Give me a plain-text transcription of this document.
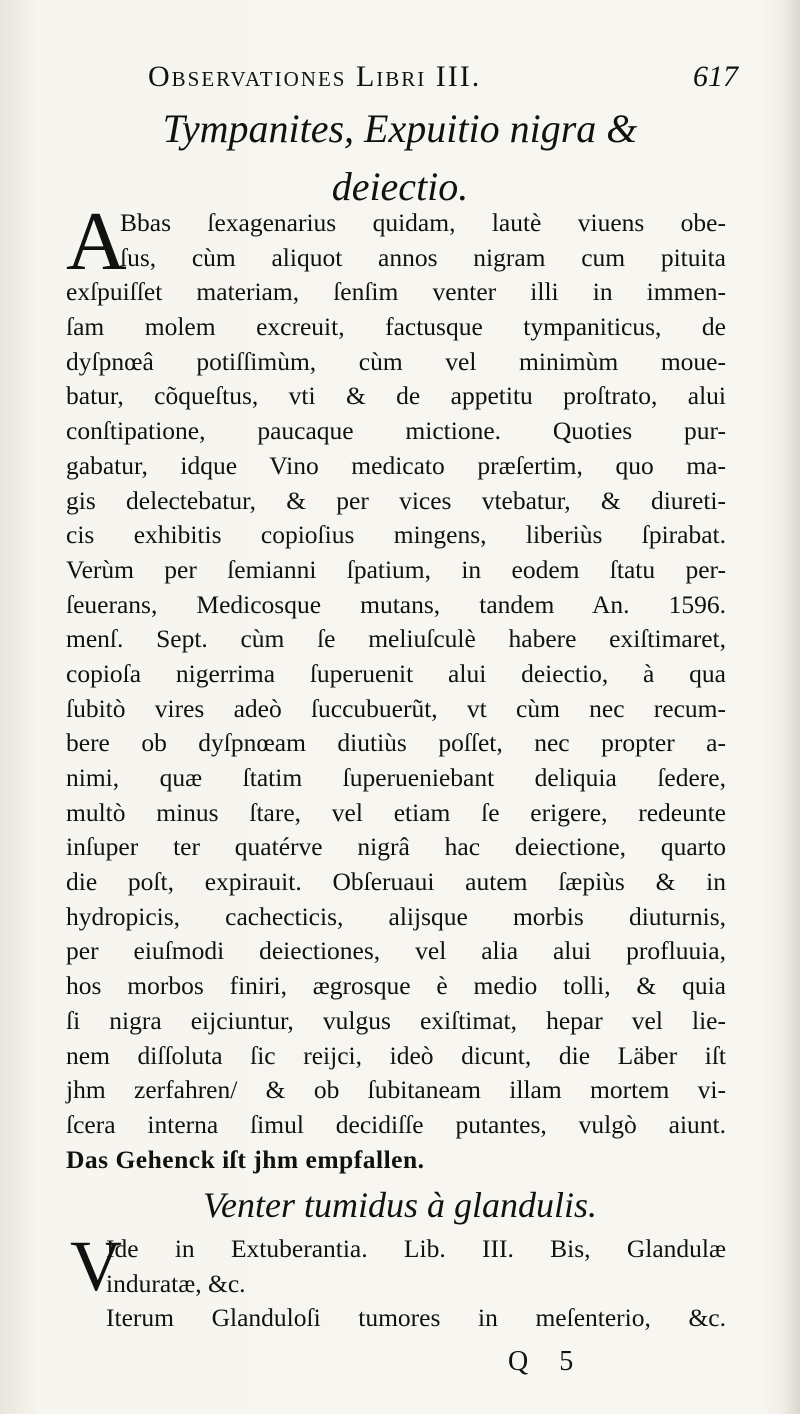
Observationes Libri III.	617
Tympanites, Expuitio nigra &
deiectio.
A
Bbas ſexagenarius quidam, lautè viuens obe-
ſus, cùm aliquot annos nigram cum pituita
exſpuiſſet materiam, ſenſim venter illi in immen-
ſam molem excreuit, factusque tympaniticus, de
dyſpnœâ potiſſimùm, cùm vel minimùm moue-
batur, cõqueſtus, vti & de appetitu proſtrato, alui
conſtipatione, paucaque mictione. Quoties pur-
gabatur, idque Vino medicato præſertim, quo ma-
gis delectebatur, & per vices vtebatur, & diureti-
cis exhibitis copioſius mingens, liberiùs ſpirabat.
Verùm per ſemianni ſpatium, in eodem ſtatu per-
ſeuerans, Medicosque mutans, tandem An. 1596.
menſ. Sept. cùm ſe meliuſculè habere exiſtimaret,
copioſa nigerrima ſuperuenit alui deiectio, à qua
ſubitò vires adeò ſuccubuerũt, vt cùm nec recum-
bere ob dyſpnœam diutiùs poſſet, nec propter a-
nimi, quæ ſtatim ſuperueniebant deliquia ſedere,
multò minus ſtare, vel etiam ſe erigere, redeunte
inſuper ter quatérve nigrâ hac deiectione, quarto
die poſt, expirauit. Obſeruaui autem ſæpiùs & in
hydropicis, cachecticis, alijsque morbis diuturnis,
per eiuſmodi deiectiones, vel alia alui profluuia,
hos morbos finiri, ægrosque è medio tolli, & quia
ſi nigra eijciuntur, vulgus exiſtimat, hepar vel lie-
nem diſſoluta ſic reijci, ideò dicunt, die Läber iſt
jhm zerfahren/ & ob ſubitaneam illam mortem vi-
ſcera interna ſimul decidiſſe putantes, vulgò aiunt.
Das Gehenck iſt jhm empfallen.
Venter tumidus à glandulis.
V
Ide in Extuberantia. Lib. III. Bis, Glandulæ
induratæ, &c.
Iterum Glanduloſi tumores in meſenterio, &c.
Q 5
